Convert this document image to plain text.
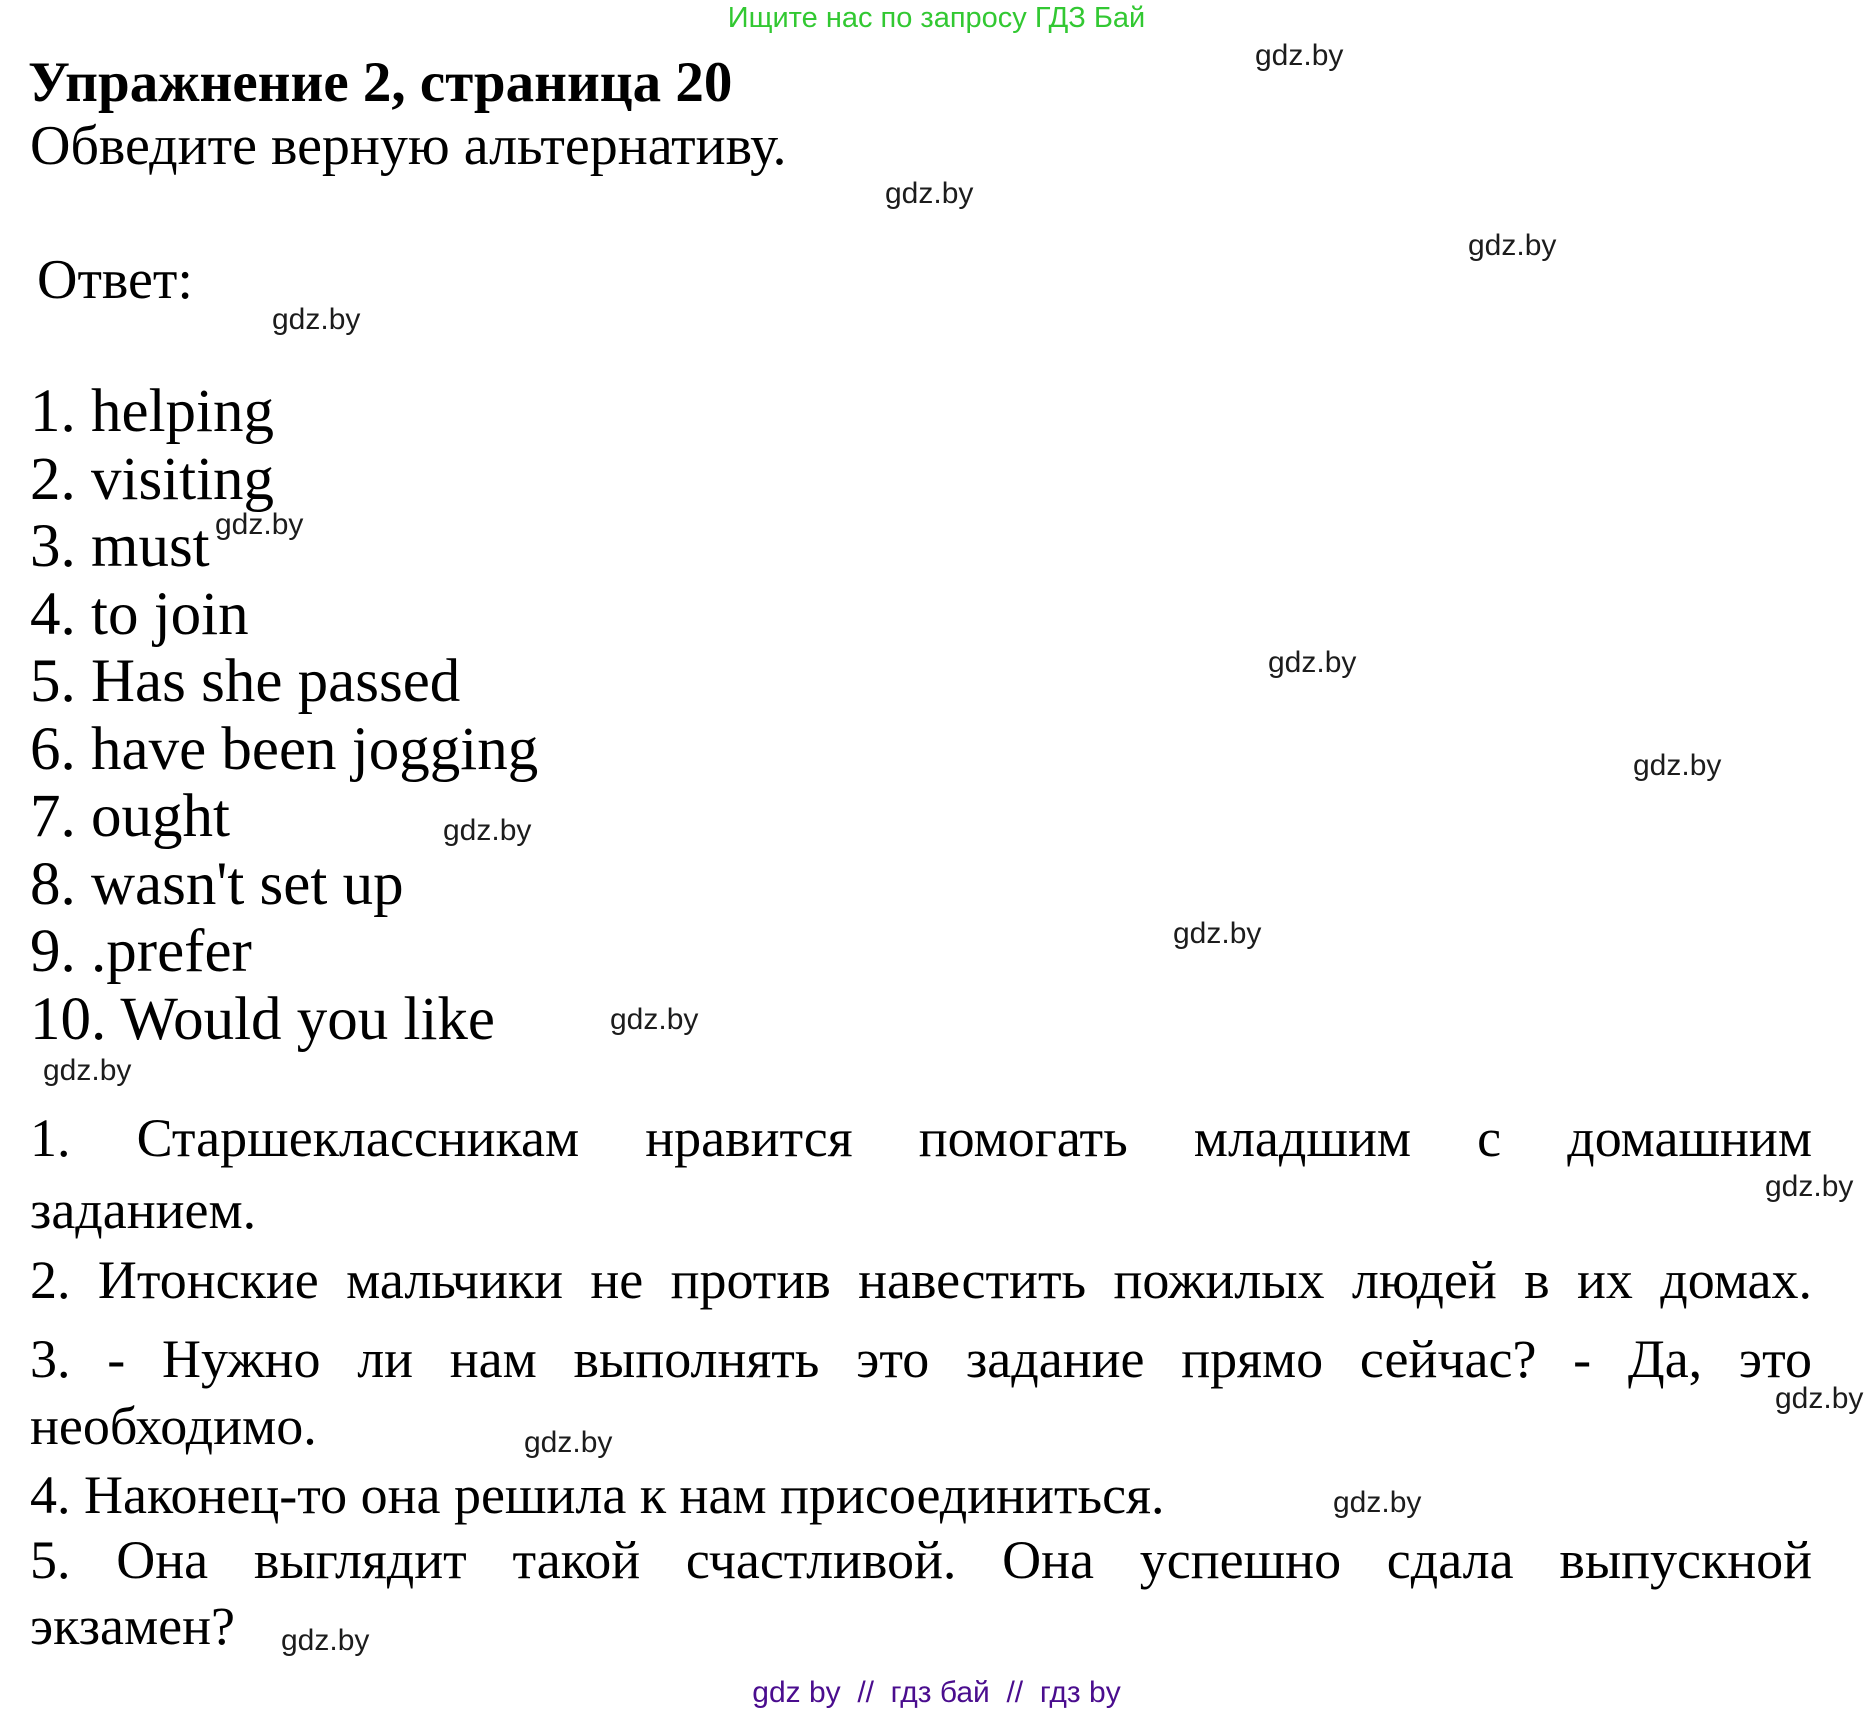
Ищите нас по запросу ГДЗ Бай
Упражнение 2, страница 20
Обведите верную альтернативу.
Ответ:
1. helping
2. visiting
3. must
4. to join
5. Has she passed
6. have been jogging
7. ought
8. wasn't set up
9. .prefer
10. Would you like
1. Старшеклассникам нравится помогать младшим с домашним
заданием.
2. Итонские мальчики не против навестить пожилых людей в их домах.
3. - Нужно ли нам выполнять это задание прямо сейчас? - Да, это
необходимо.
4. Наконец-то она решила к нам присоединиться.
5. Она выглядит такой счастливой. Она успешно сдала выпускной
экзамен?
gdz.by
gdz.by
gdz.by
gdz.by
gdz.by
gdz.by
gdz.by
gdz.by
gdz.by
gdz.by
gdz.by
gdz.by
gdz.by
gdz.by
gdz.by
gdz.by
gdz by  //  гдз бай  //  гдз by
